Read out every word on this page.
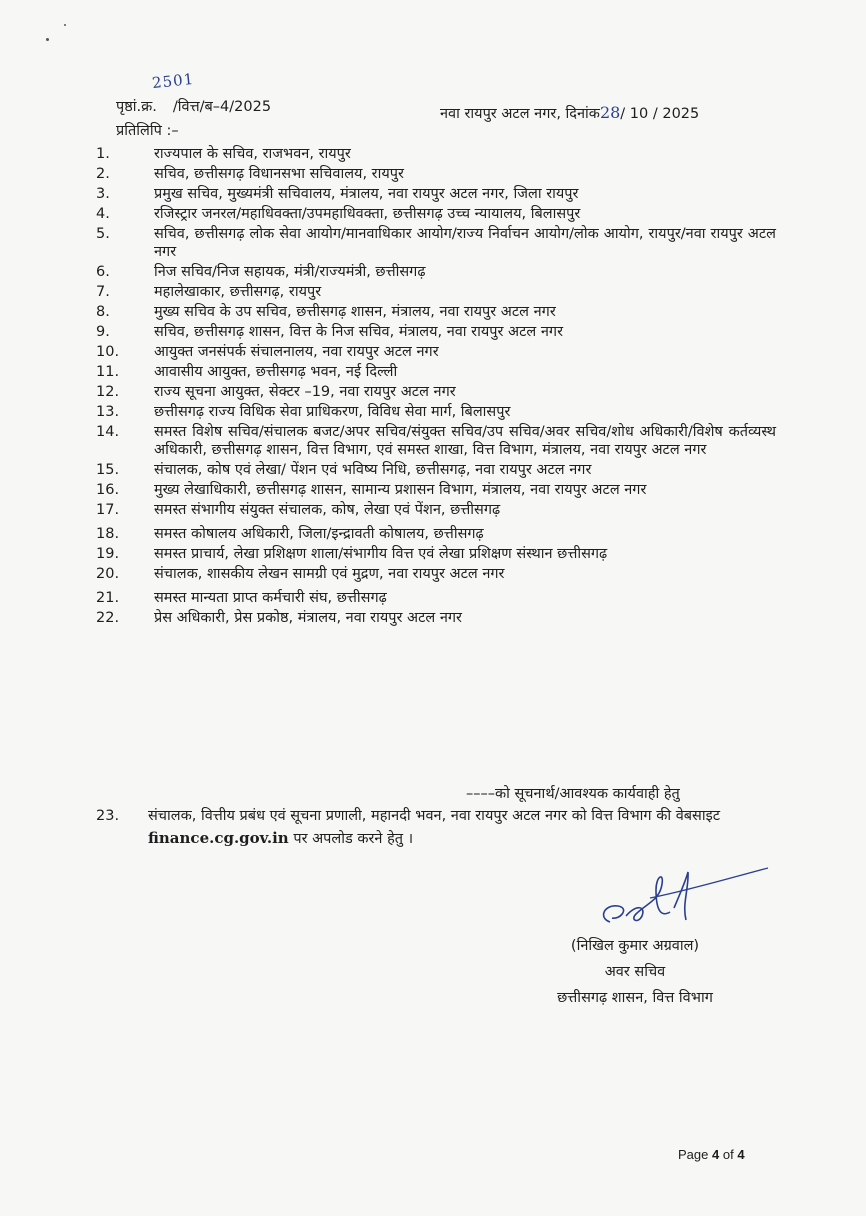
2501
पृष्ठां.क्र. /वित्त/ब–4/2025	नवा रायपुर अटल नगर, दिनांक28/ 10 / 2025
प्रतिलिपि :–
1.	राज्यपाल के सचिव, राजभवन, रायपुर
2.	सचिव, छत्तीसगढ़ विधानसभा सचिवालय, रायपुर
3.	प्रमुख सचिव, मुख्यमंत्री सचिवालय, मंत्रालय, नवा रायपुर अटल नगर, जिला रायपुर
4.	रजिस्ट्रार जनरल/महाधिवक्ता/उपमहाधिवक्ता, छत्तीसगढ़ उच्च न्यायालय, बिलासपुर
5.	सचिव, छत्तीसगढ़ लोक सेवा आयोग/मानवाधिकार आयोग/राज्य निर्वाचन आयोग/लोक आयोग, रायपुर/नवा रायपुर अटल नगर
6.	निज सचिव/निज सहायक, मंत्री/राज्यमंत्री, छत्तीसगढ़
7.	महालेखाकार, छत्तीसगढ़, रायपुर
8.	मुख्य सचिव के उप सचिव, छत्तीसगढ़ शासन, मंत्रालय, नवा रायपुर अटल नगर
9.	सचिव, छत्तीसगढ़ शासन, वित्त के निज सचिव, मंत्रालय, नवा रायपुर अटल नगर
10.	आयुक्त जनसंपर्क संचालनालय, नवा रायपुर अटल नगर
11.	आवासीय आयुक्त, छत्तीसगढ़ भवन, नई दिल्ली
12.	राज्य सूचना आयुक्त, सेक्टर –19, नवा रायपुर अटल नगर
13.	छत्तीसगढ़ राज्य विधिक सेवा प्राधिकरण, विविध सेवा मार्ग, बिलासपुर
14.	समस्त विशेष सचिव/संचालक बजट/अपर सचिव/संयुक्त सचिव/उप सचिव/अवर सचिव/शोध अधिकारी/विशेष कर्तव्यस्थ अधिकारी, छत्तीसगढ़ शासन, वित्त विभाग, एवं समस्त शाखा, वित्त विभाग, मंत्रालय, नवा रायपुर अटल नगर
15.	संचालक, कोष एवं लेखा/ पेंशन एवं भविष्य निधि, छत्तीसगढ़, नवा रायपुर अटल नगर
16.	मुख्य लेखाधिकारी, छत्तीसगढ़ शासन, सामान्य प्रशासन विभाग, मंत्रालय, नवा रायपुर अटल नगर
17.	समस्त संभागीय संयुक्त संचालक, कोष, लेखा एवं पेंशन, छत्तीसगढ़
18.	समस्त कोषालय अधिकारी, जिला/इन्द्रावती कोषालय, छत्तीसगढ़
19.	समस्त प्राचार्य, लेखा प्रशिक्षण शाला/संभागीय वित्त एवं लेखा प्रशिक्षण संस्थान छत्तीसगढ़
20.	संचालक, शासकीय लेखन सामग्री एवं मुद्रण, नवा रायपुर अटल नगर
21.	समस्त मान्यता प्राप्त कर्मचारी संघ, छत्तीसगढ़
22.	प्रेस अधिकारी, प्रेस प्रकोष्ठ, मंत्रालय, नवा रायपुर अटल नगर
––––को सूचनार्थ/आवश्यक कार्यवाही हेतु
23.	संचालक, वित्तीय प्रबंध एवं सूचना प्रणाली, महानदी भवन, नवा रायपुर अटल नगर को वित्त विभाग की वेबसाइट finance.cg.gov.in पर अपलोड करने हेतु ।
(निखिल कुमार अग्रवाल)
अवर सचिव
छत्तीसगढ़ शासन, वित्त विभाग
Page 4 of 4
